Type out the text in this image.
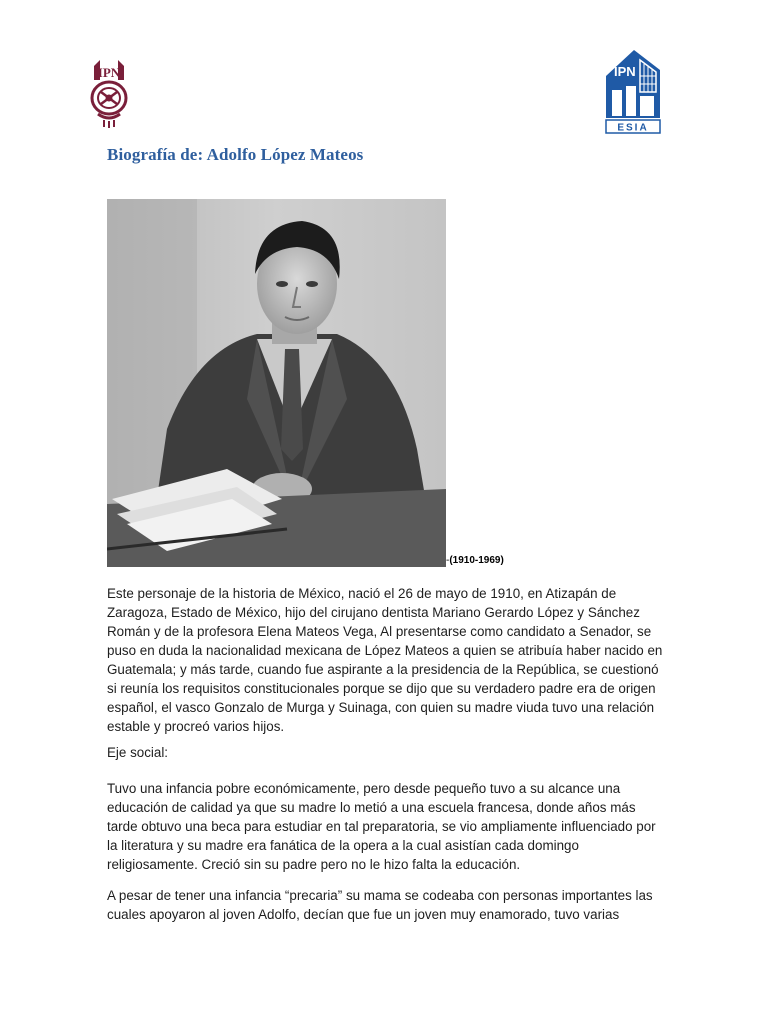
IPN	IPN
ESIA
Biografía de: Adolfo López Mateos
-(1910-1969)

Este personaje de la historia de México, nació el 26 de mayo de 1910, en Atizapán de Zaragoza, Estado de México, hijo del cirujano dentista Mariano Gerardo López y Sánchez Román y de la profesora Elena Mateos Vega, Al presentarse como candidato a Senador, se puso en duda la nacionalidad mexicana de López Mateos a quien se atribuía haber nacido en Guatemala; y más tarde, cuando fue aspirante a la presidencia de la República, se cuestionó si reunía los requisitos constitucionales porque se dijo que su verdadero padre era de origen español, el vasco Gonzalo de Murga y Suinaga, con quien su madre viuda tuvo una relación estable y procreó varios hijos.

Eje social:

Tuvo una infancia pobre económicamente, pero desde pequeño tuvo a su alcance una educación de calidad ya que su madre lo metió a una escuela francesa, donde años más tarde obtuvo una beca para estudiar en tal preparatoria, se vio ampliamente influenciado por la literatura y su madre era fanática de la opera a la cual asistían cada domingo religiosamente. Creció sin su padre pero no le hizo falta la educación.

A pesar de tener una infancia “precaria” su mama se codeaba con personas importantes las cuales apoyaron al joven Adolfo, decían que fue un joven muy enamorado, tuvo varias
